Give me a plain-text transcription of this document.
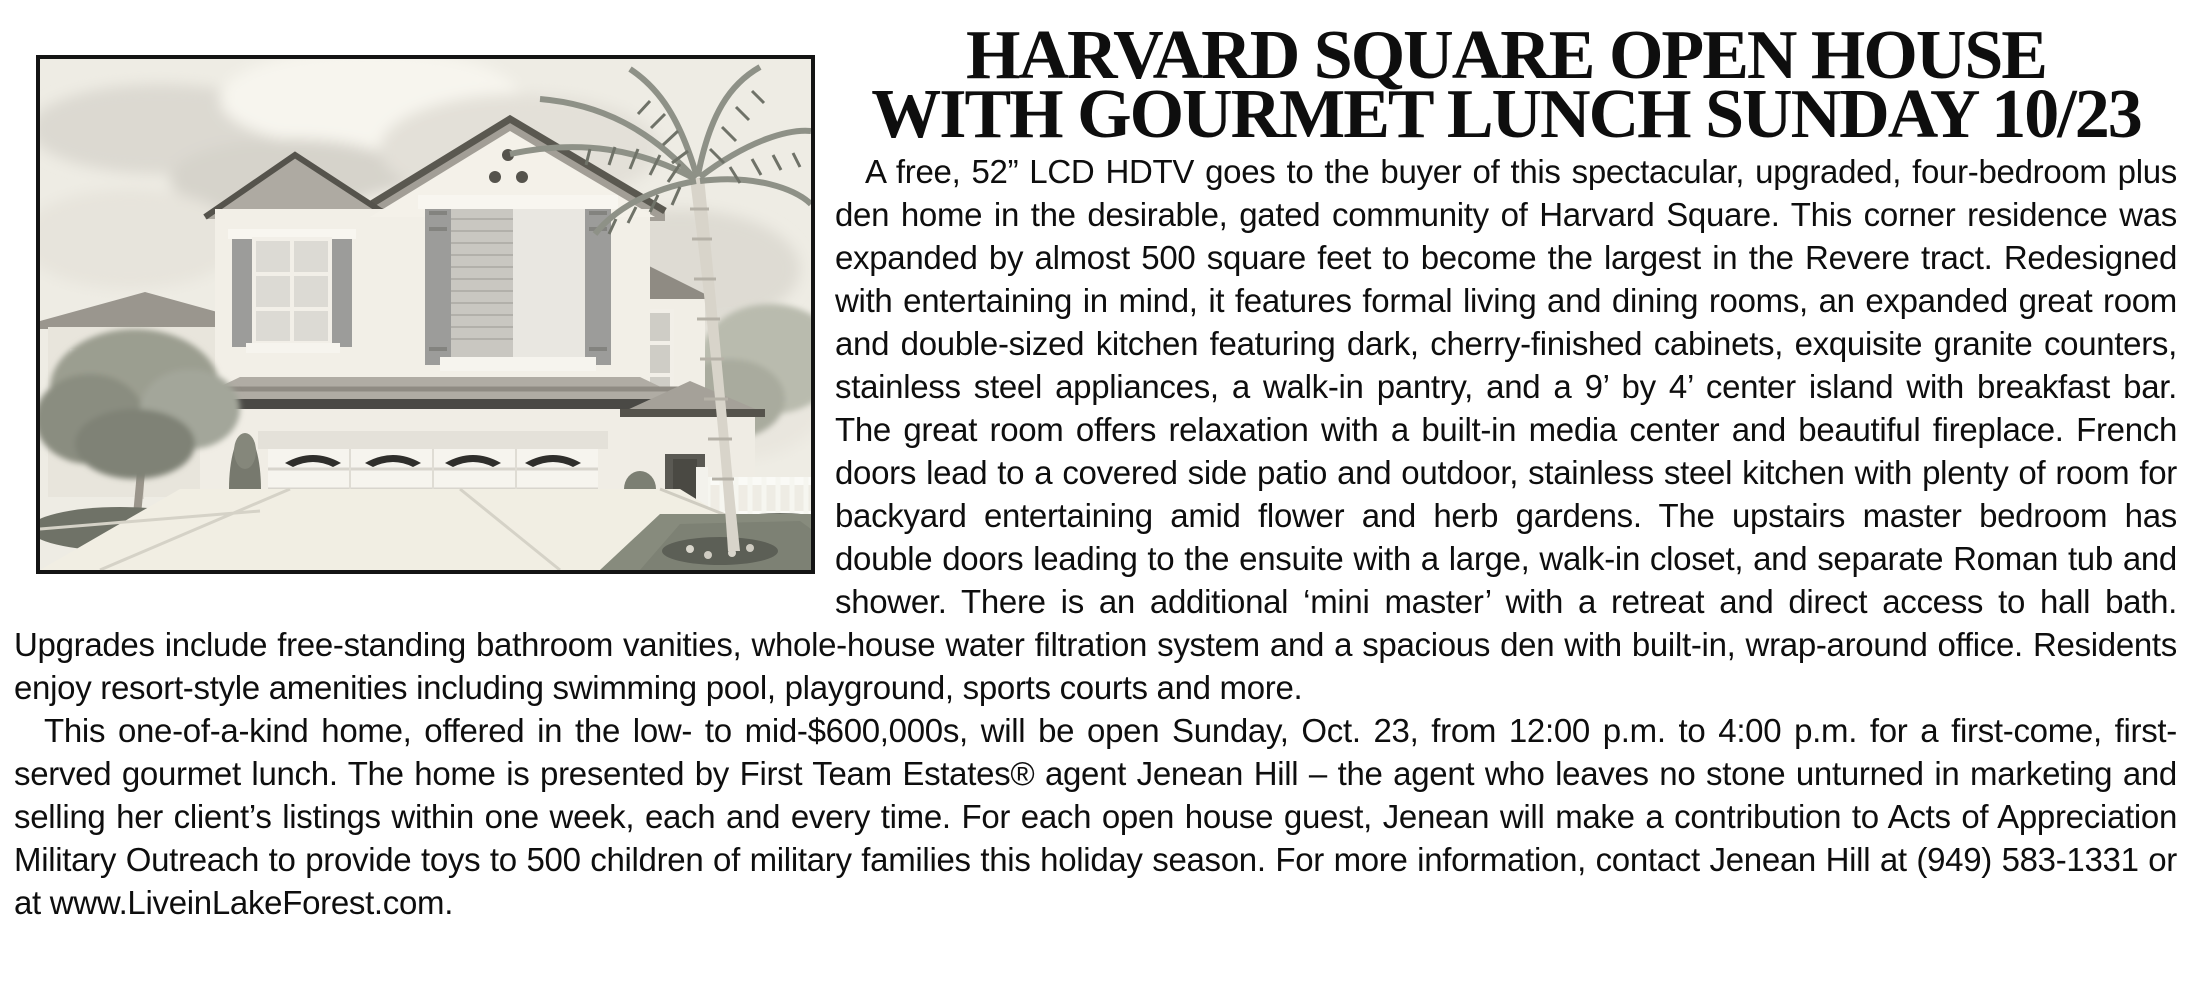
HARVARD SQUARE OPEN HOUSE
WITH GOURMET LUNCH SUNDAY 10/23

A free, 52” LCD HDTV goes to the buyer of this spectacular, upgraded, four-bedroom plus den home in the desirable, gated community of Harvard Square. This corner residence was expanded by almost 500 square feet to become the largest in the Revere tract. Redesigned with entertaining in mind, it features formal living and dining rooms, an expanded great room and double-sized kitchen featuring dark, cherry-finished cabinets, exquisite granite counters, stainless steel appliances, a walk-in pantry, and a 9’ by 4’ center island with breakfast bar. The great room offers relaxation with a built-in media center and beautiful fireplace. French doors lead to a covered side patio and outdoor, stainless steel kitchen with plenty of room for backyard entertaining amid flower and herb gardens. The upstairs master bedroom has double doors leading to the ensuite with a large, walk-in closet, and separate Roman tub and shower. There is an additional ‘mini master’ with a retreat and direct access to hall bath. Upgrades include free-standing bathroom vanities, whole-house water filtration system and a spacious den with built-in, wrap-around office. Residents enjoy resort-style amenities including swimming pool, playground, sports courts and more.

This one-of-a-kind home, offered in the low- to mid-$600,000s, will be open Sunday, Oct. 23, from 12:00 p.m. to 4:00 p.m. for a first-come, first-served gourmet lunch. The home is presented by First Team Estates® agent Jenean Hill – the agent who leaves no stone unturned in marketing and selling her client’s listings within one week, each and every time. For each open house guest, Jenean will make a contribution to Acts of Appreciation Military Outreach to provide toys to 500 children of military families this holiday season. For more information, contact Jenean Hill at (949) 583-1331 or at www.LiveinLakeForest.com.
